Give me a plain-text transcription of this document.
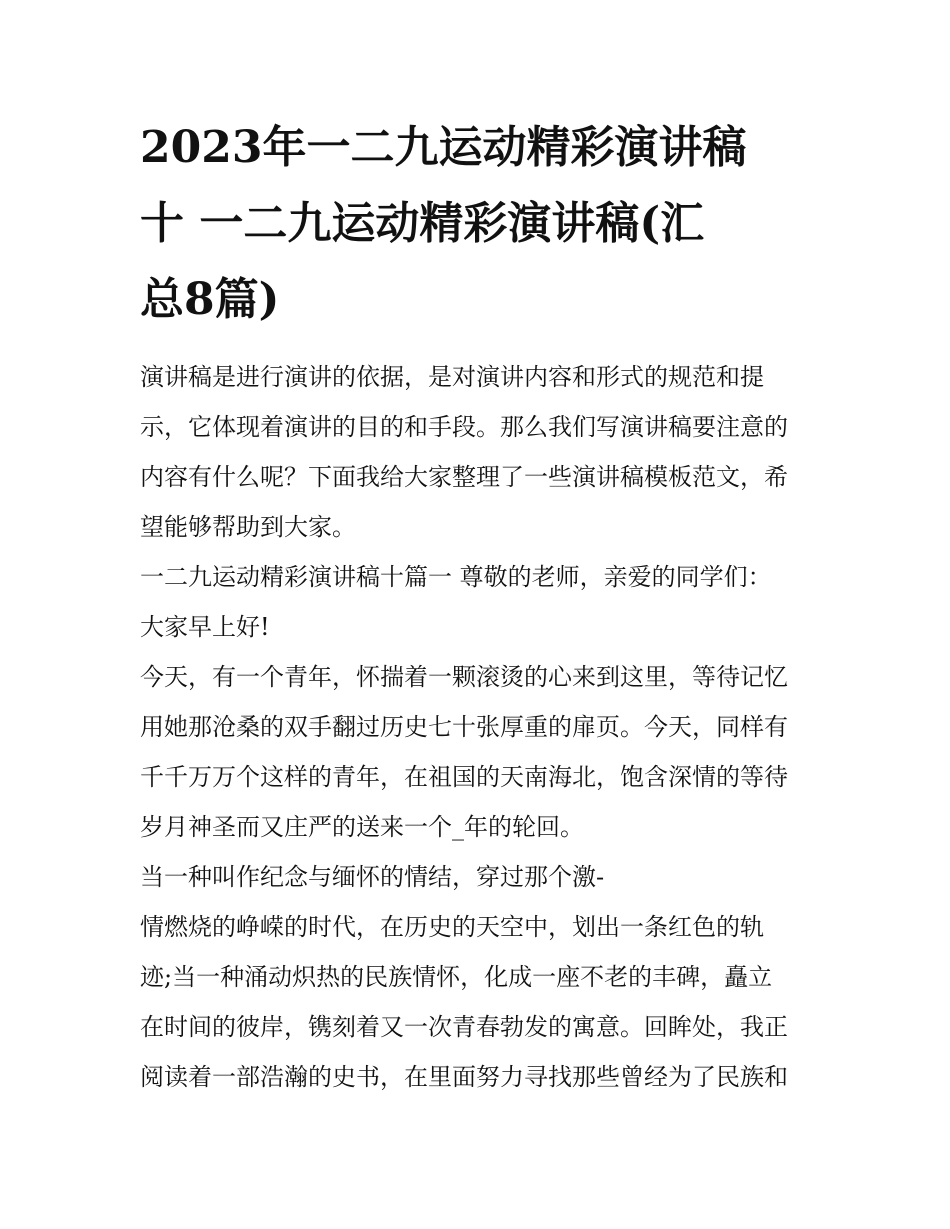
2023年一二九运动精彩演讲稿
十 一二九运动精彩演讲稿(汇
总8篇)
演讲稿是进行演讲的依据，是对演讲内容和形式的规范和提
示，它体现着演讲的目的和手段。那么我们写演讲稿要注意的
内容有什么呢？下面我给大家整理了一些演讲稿模板范文，希
望能够帮助到大家。
一二九运动精彩演讲稿十篇一 尊敬的老师，亲爱的同学们：
大家早上好!
今天，有一个青年，怀揣着一颗滚烫的心来到这里，等待记忆
用她那沧桑的双手翻过历史七十张厚重的扉页。今天，同样有
千千万万个这样的青年，在祖国的天南海北，饱含深情的等待
岁月神圣而又庄严的送来一个_年的轮回。
当一种叫作纪念与缅怀的情结，穿过那个激-
情燃烧的峥嵘的时代，在历史的天空中，划出一条红色的轨
迹;当一种涌动炽热的民族情怀，化成一座不老的丰碑，矗立
在时间的彼岸，镌刻着又一次青春勃发的寓意。回眸处，我正
阅读着一部浩瀚的史书，在里面努力寻找那些曾经为了民族和
